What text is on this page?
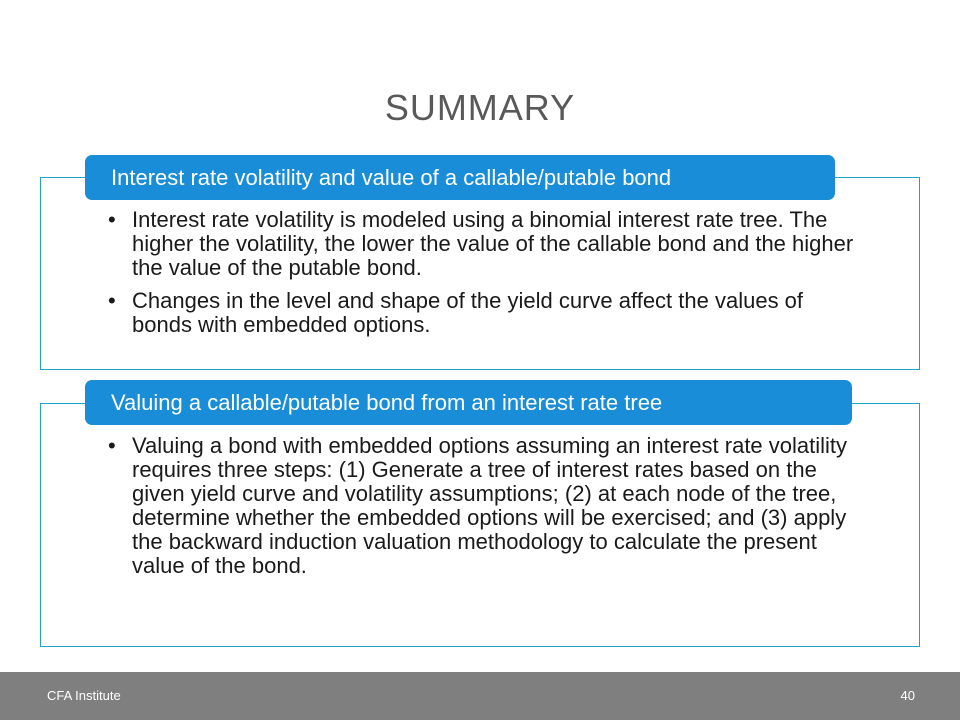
SUMMARY
Interest rate volatility and value of a callable/putable bond
• Interest rate volatility is modeled using a binomial interest rate tree. The higher the volatility, the lower the value of the callable bond and the higher the value of the putable bond.
• Changes in the level and shape of the yield curve affect the values of bonds with embedded options.
Valuing a callable/putable bond from an interest rate tree
• Valuing a bond with embedded options assuming an interest rate volatility requires three steps: (1) Generate a tree of interest rates based on the given yield curve and volatility assumptions; (2) at each node of the tree, determine whether the embedded options will be exercised; and (3) apply the backward induction valuation methodology to calculate the present value of the bond.
CFA Institute	40
